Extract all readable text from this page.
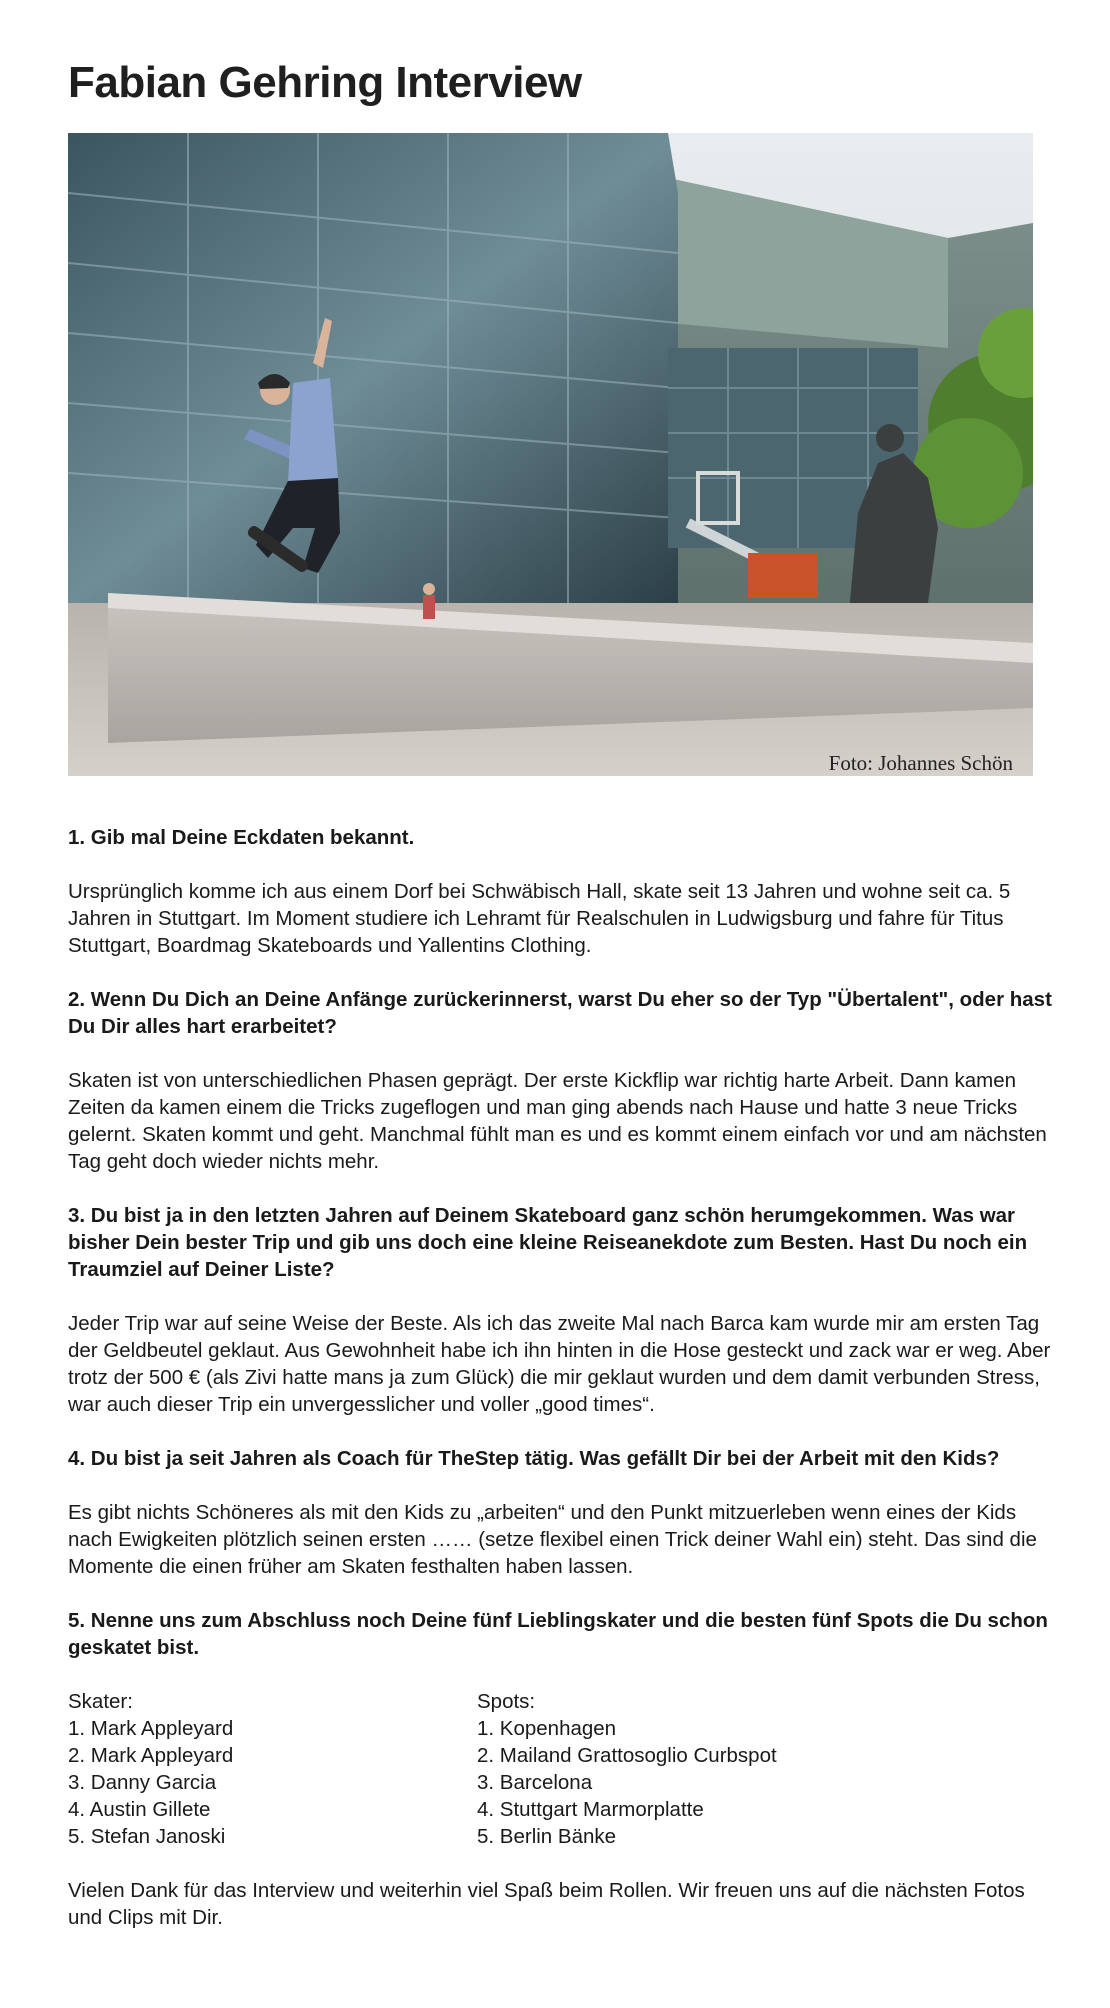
Fabian Gehring Interview
Foto: Johannes Schön

1. Gib mal Deine Eckdaten bekannt.

Ursprünglich komme ich aus einem Dorf bei Schwäbisch Hall, skate seit 13 Jahren und wohne seit ca. 5 Jahren in Stuttgart. Im Moment studiere ich Lehramt für Realschulen in Ludwigsburg und fahre für Titus Stuttgart, Boardmag Skateboards und Yallentins Clothing.

2. Wenn Du Dich an Deine Anfänge zurückerinnerst, warst Du eher so der Typ "Übertalent", oder hast Du Dir alles hart erarbeitet?

Skaten ist von unterschiedlichen Phasen geprägt. Der erste Kickflip war richtig harte Arbeit. Dann kamen Zeiten da kamen einem die Tricks zugeflogen und man ging abends nach Hause und hatte 3 neue Tricks gelernt. Skaten kommt und geht. Manchmal fühlt man es und es kommt einem einfach vor und am nächsten Tag geht doch wieder nichts mehr.

3. Du bist ja in den letzten Jahren auf Deinem Skateboard ganz schön herumgekommen. Was war bisher Dein bester Trip und gib uns doch eine kleine Reiseanekdote zum Besten. Hast Du noch ein Traumziel auf Deiner Liste?

Jeder Trip war auf seine Weise der Beste. Als ich das zweite Mal nach Barca kam wurde mir am ersten Tag der Geldbeutel geklaut. Aus Gewohnheit habe ich ihn hinten in die Hose gesteckt und zack war er weg. Aber trotz der 500 € (als Zivi hatte mans ja zum Glück) die mir geklaut wurden und dem damit verbunden Stress, war auch dieser Trip ein unvergesslicher und voller „good times“.

4. Du bist ja seit Jahren als Coach für TheStep tätig. Was gefällt Dir bei der Arbeit mit den Kids?

Es gibt nichts Schöneres als mit den Kids zu „arbeiten“ und den Punkt mitzuerleben wenn eines der Kids nach Ewigkeiten plötzlich seinen ersten …… (setze flexibel einen Trick deiner Wahl ein) steht. Das sind die Momente die einen früher am Skaten festhalten haben lassen.

5. Nenne uns zum Abschluss noch Deine fünf Lieblingskater und die besten fünf Spots die Du schon geskatet bist.

Skater:
1. Mark Appleyard
2. Mark Appleyard
3. Danny Garcia
4. Austin Gillete
5. Stefan Janoski
Spots:
1. Kopenhagen
2. Mailand Grattosoglio Curbspot
3. Barcelona
4. Stuttgart Marmorplatte
5. Berlin Bänke

Vielen Dank für das Interview und weiterhin viel Spaß beim Rollen. Wir freuen uns auf die nächsten Fotos und Clips mit Dir.
